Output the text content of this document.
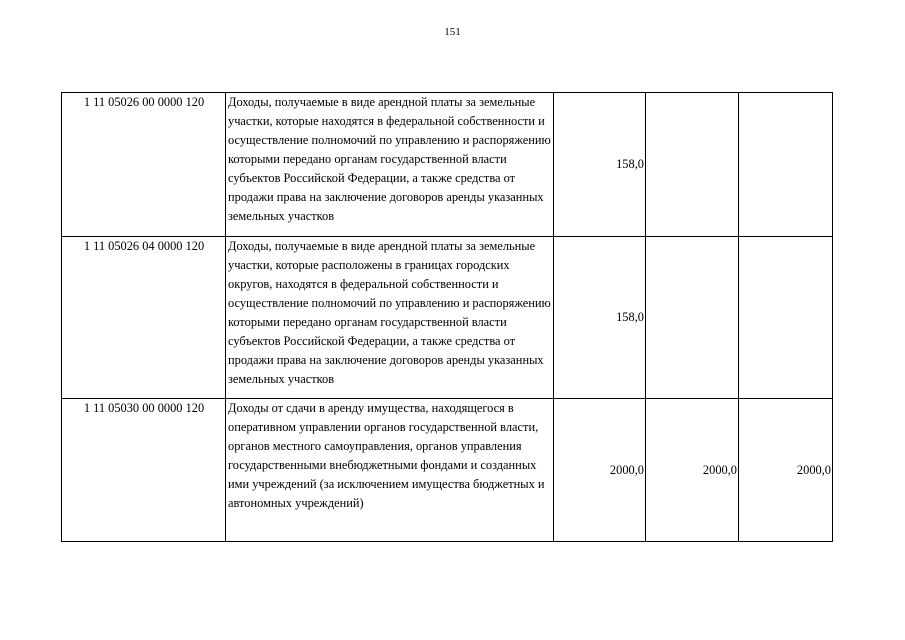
151
1 11 05026 00 0000 120	Доходы, получаемые в виде арендной платы за земельные участки, которые находятся в федеральной собственности и осуществление полномочий по управлению и распоряжению которыми передано органам государственной власти субъектов Российской Федерации, а также средства от продажи права на заключение договоров аренды указанных земельных участков	158,0		
1 11 05026 04 0000 120	Доходы, получаемые в виде арендной платы за земельные участки, которые расположены в границах городских округов, находятся в федеральной собственности и осуществление полномочий по управлению и распоряжению которыми передано органам государственной власти субъектов Российской Федерации, а также средства от продажи права на заключение договоров аренды указанных земельных участков	158,0		
1 11 05030 00 0000 120	Доходы от сдачи в аренду имущества, находящегося в оперативном управлении органов государственной власти, органов местного самоуправления, органов управления государственными внебюджетными фондами и созданных ими учреждений (за исключением имущества бюджетных и автономных учреждений)	2000,0	2000,0	2000,0
